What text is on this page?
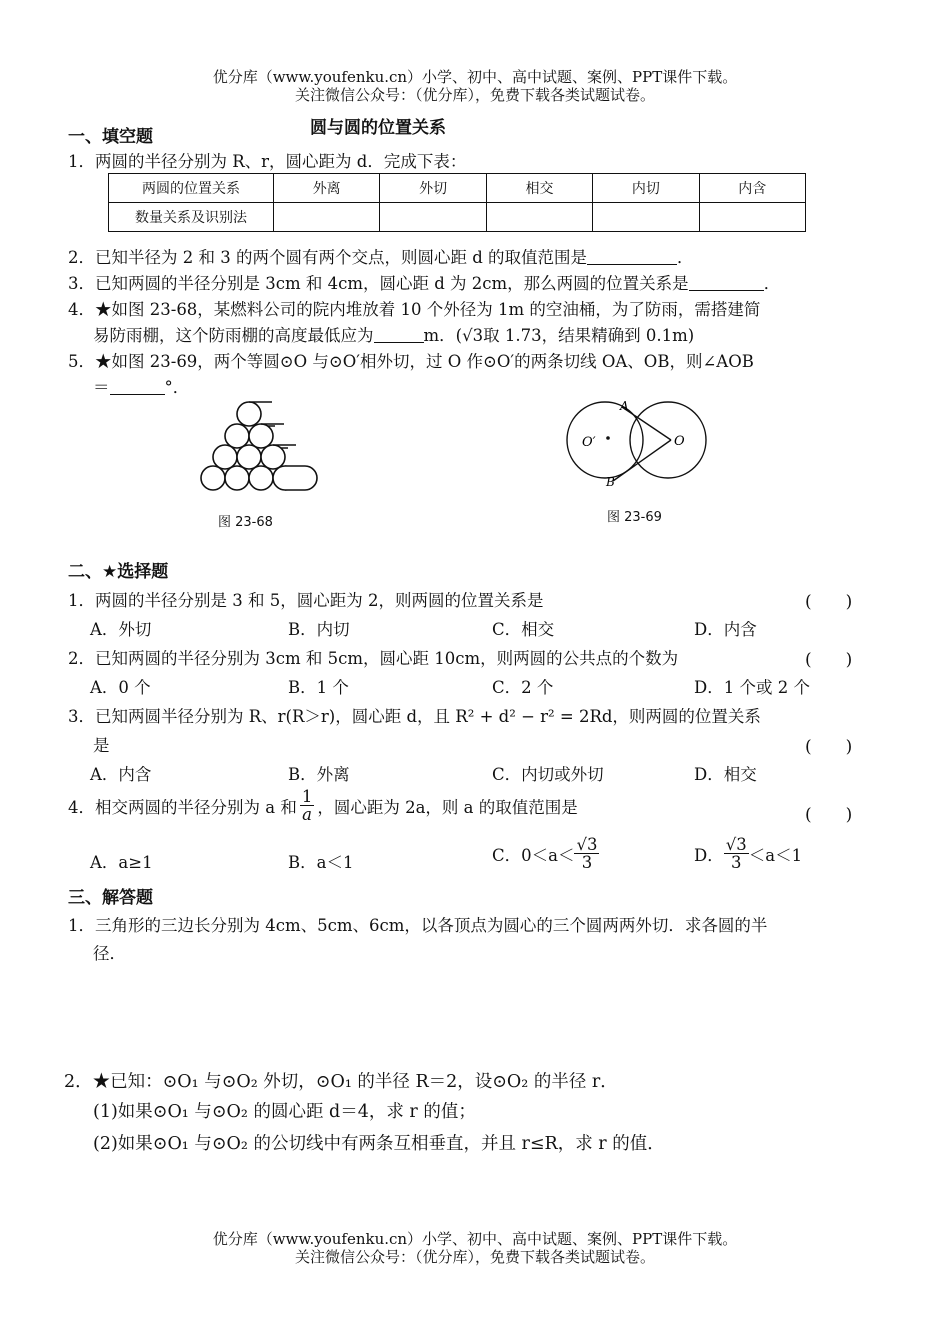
优分库（www.youfenku.cn）小学、初中、高中试题、案例、PPT课件下载。
关注微信公众号：（优分库），免费下载各类试题试卷。
圆与圆的位置关系
一、填空题
1．两圆的半径分别为 R、r，圆心距为 d．完成下表：
两圆的位置关系	外离	外切	相交	内切	内含
数量关系及识别法					
2．已知半径为 2 和 3 的两个圆有两个交点，则圆心距 d 的取值范围是	．
3．已知两圆的半径分别是 3cm 和 4cm，圆心距 d 为 2cm，那么两圆的位置关系是	．
4．★如图 23-68，某燃料公司的院内堆放着 10 个外径为 1m 的空油桶，为了防雨，需搭建简
易防雨棚，这个防雨棚的高度最低应为	m．(√3取 1.73，结果精确到 0.1m)
5．★如图 23-69，两个等圆⊙O 与⊙O′相外切，过 O 作⊙O′的两条切线 OA、OB，则∠AOB
＝	°．
图 23-68
A
B
O′	O
图 23-69
二、★选择题
1．两圆的半径分别是 3 和 5，圆心距为 2，则两圆的位置关系是	(　　)
A．外切	B．内切	C．相交	D．内含
2．已知两圆的半径分别为 3cm 和 5cm，圆心距 10cm，则两圆的公共点的个数为	(　　)
A．0 个	B．1 个	C．2 个	D．1 个或 2 个
3．已知两圆半径分别为 R、r(R＞r)，圆心距 d，且 R² + d² − r² = 2Rd，则两圆的位置关系
是	(　　)
A．内含	B．外离	C．内切或外切	D．相交
4．相交两圆的半径分别为 a 和 $\frac{1}{a}$ ，圆心距为 2a，则 a 的取值范围是	(　　)
A．a≥1	B．a＜1	C．$0<a< \frac{√3}{3}$	D． $\frac{√3}{3} <a<1$
三、解答题
1．三角形的三边长分别为 4cm、5cm、6cm，以各顶点为圆心的三个圆两两外切．求各圆的半
径．
2．★已知：⊙O₁ 与⊙O₂ 外切，⊙O₁ 的半径 R＝2，设⊙O₂ 的半径 r．
(1)如果⊙O₁ 与⊙O₂ 的圆心距 d＝4，求 r 的值；
(2)如果⊙O₁ 与⊙O₂ 的公切线中有两条互相垂直，并且 r≤R，求 r 的值．
优分库（www.youfenku.cn）小学、初中、高中试题、案例、PPT课件下载。
关注微信公众号：（优分库），免费下载各类试题试卷。
